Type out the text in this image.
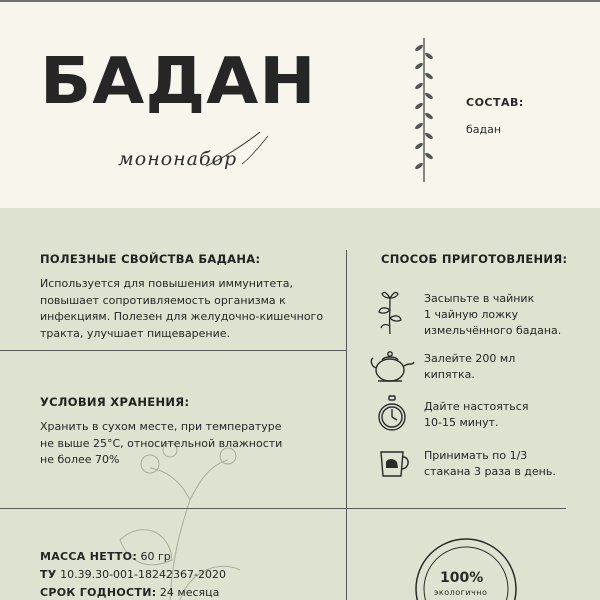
БАДАН
мононабор
СОСТАВ:
бадан
ПОЛЕЗНЫЕ СВОЙСТВА БАДАНА:
Используется для повышения иммунитета,
повышает сопротивляемость организма к
инфекциям. Полезен для желудочно-кишечного
тракта, улучшает пищеварение.
УСЛОВИЯ ХРАНЕНИЯ:
Хранить в сухом месте, при температуре
не выше 25°С, относительной влажности
не более 70%
СПОСОБ ПРИГОТОВЛЕНИЯ:
Засыпьте в чайник
1 чайную ложку
измельчённого бадана.
Залейте 200 мл
кипятка.
Дайте настояться
10-15 минут.
Принимать по 1/3
стакана 3 раза в день.
МАССА НЕТТО: 60 гр
ТУ 10.39.30-001-18242367-2020
СРОК ГОДНОСТИ: 24 месяца
100%
экологично
